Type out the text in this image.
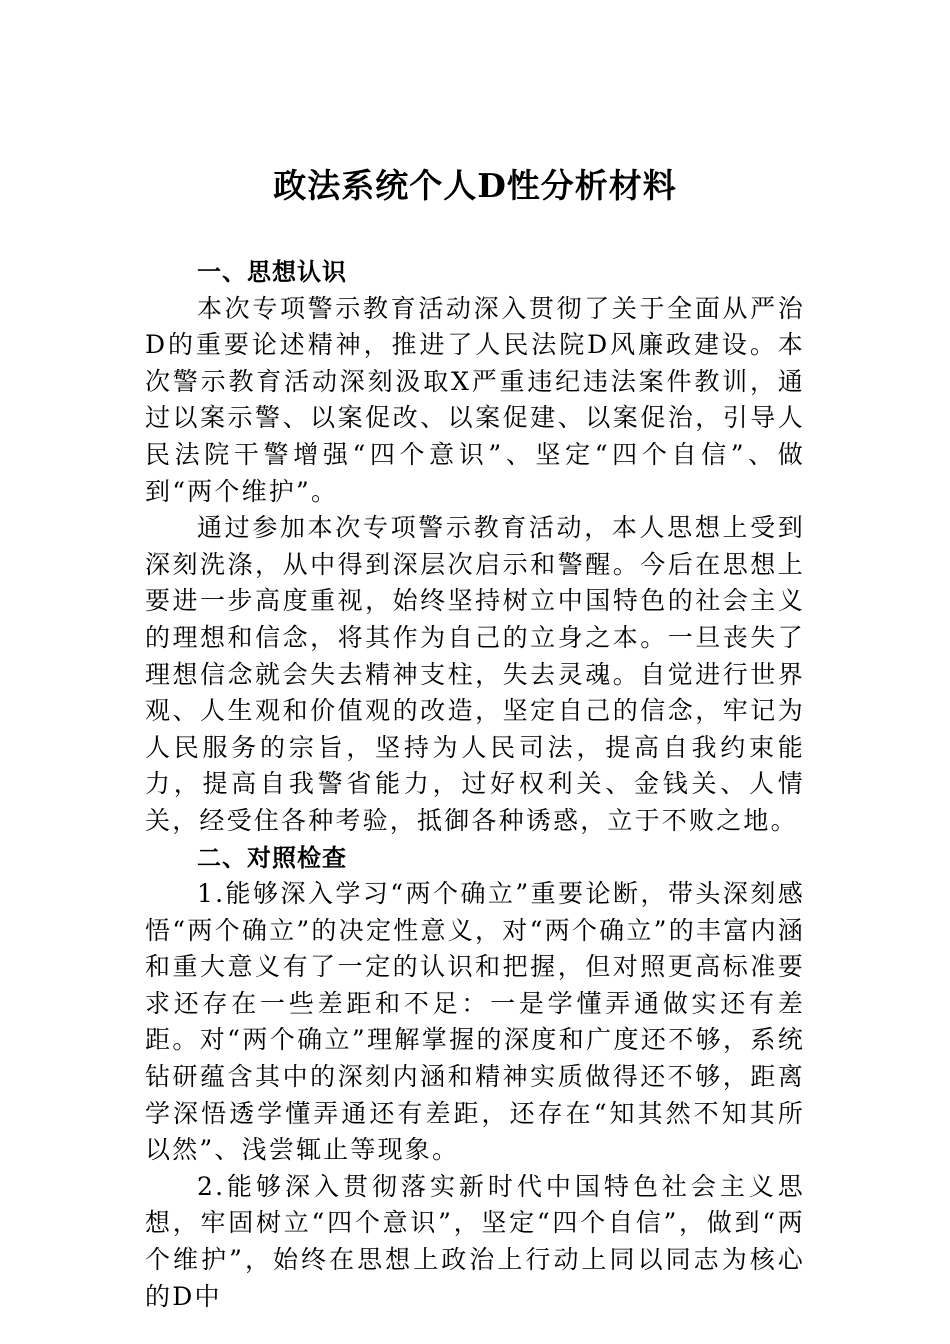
政法系统个人D性分析材料
一、思想认识

本次专项警示教育活动深入贯彻了关于全面从严治D的重要论述精神，推进了人民法院D风廉政建设。本次警示教育活动深刻汲取X严重违纪违法案件教训，通过以案示警、以案促改、以案促建、以案促治，引导人民法院干警增强“四个意识”、坚定“四个自信”、做到“两个维护”。

通过参加本次专项警示教育活动，本人思想上受到深刻洗涤，从中得到深层次启示和警醒。今后在思想上要进一步高度重视，始终坚持树立中国特色的社会主义的理想和信念，将其作为自己的立身之本。一旦丧失了理想信念就会失去精神支柱，失去灵魂。自觉进行世界观、人生观和价值观的改造，坚定自己的信念，牢记为人民服务的宗旨，坚持为人民司法，提高自我约束能力，提高自我警省能力，过好权利关、金钱关、人情关，经受住各种考验，抵御各种诱惑，立于不败之地。

二、对照检查

1.能够深入学习“两个确立”重要论断，带头深刻感悟“两个确立”的决定性意义，对“两个确立”的丰富内涵和重大意义有了一定的认识和把握，但对照更高标准要求还存在一些差距和不足：一是学懂弄通做实还有差距。对“两个确立”理解掌握的深度和广度还不够，系统钻研蕴含其中的深刻内涵和精神实质做得还不够，距离学深悟透学懂弄通还有差距，还存在“知其然不知其所以然”、浅尝辄止等现象。

2.能够深入贯彻落实新时代中国特色社会主义思想，牢固树立“四个意识”，坚定“四个自信”，做到“两个维护”，始终在思想上政治上行动上同以同志为核心的D中
